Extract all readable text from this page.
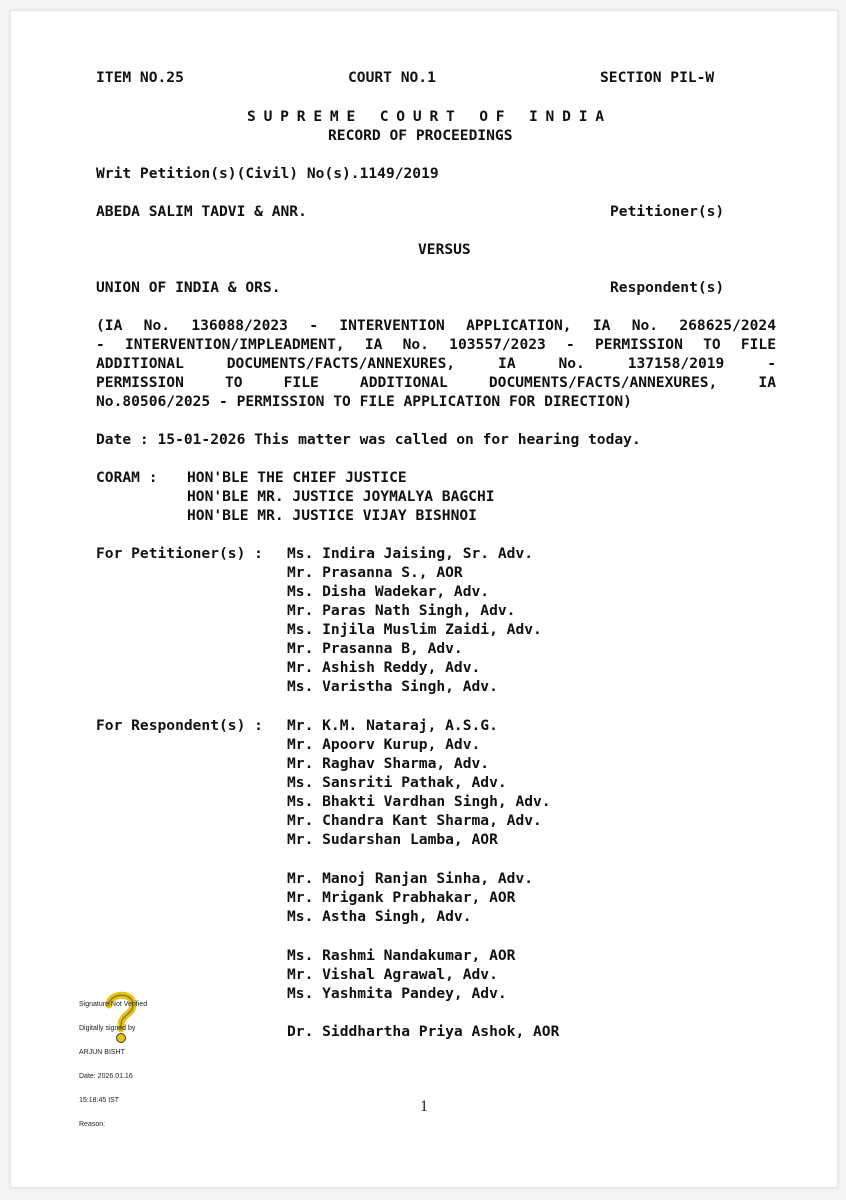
ITEM NO.25	COURT NO.1	SECTION PIL-W
SUPREME COURT OF INDIA
RECORD OF PROCEEDINGS
Writ Petition(s)(Civil) No(s).1149/2019
ABEDA SALIM TADVI & ANR.	Petitioner(s)
VERSUS
UNION OF INDIA & ORS.	Respondent(s)
(IA No. 136088/2023 - INTERVENTION APPLICATION, IA No. 268625/2024
- INTERVENTION/IMPLEADMENT, IA No. 103557/2023 - PERMISSION TO FILE
ADDITIONAL DOCUMENTS/FACTS/ANNEXURES, IA No. 137158/2019 -
PERMISSION TO FILE ADDITIONAL DOCUMENTS/FACTS/ANNEXURES, IA
No.80506/2025 - PERMISSION TO FILE APPLICATION FOR DIRECTION)
Date : 15-01-2026 This matter was called on for hearing today.
CORAM : HON'BLE THE CHIEF JUSTICE
HON'BLE MR. JUSTICE JOYMALYA BAGCHI
HON'BLE MR. JUSTICE VIJAY BISHNOI
For Petitioner(s) : Ms. Indira Jaising, Sr. Adv.
Mr. Prasanna S., AOR
Ms. Disha Wadekar, Adv.
Mr. Paras Nath Singh, Adv.
Ms. Injila Muslim Zaidi, Adv.
Mr. Prasanna B, Adv.
Mr. Ashish Reddy, Adv.
Ms. Varistha Singh, Adv.
For Respondent(s) : Mr. K.M. Nataraj, A.S.G.
Mr. Apoorv Kurup, Adv.
Mr. Raghav Sharma, Adv.
Ms. Sansriti Pathak, Adv.
Ms. Bhakti Vardhan Singh, Adv.
Mr. Chandra Kant Sharma, Adv.
Mr. Sudarshan Lamba, AOR
Mr. Manoj Ranjan Sinha, Adv.
Mr. Mrigank Prabhakar, AOR
Ms. Astha Singh, Adv.
Ms. Rashmi Nandakumar, AOR
Mr. Vishal Agrawal, Adv.
Ms. Yashmita Pandey, Adv.
Dr. Siddhartha Priya Ashok, AOR

Signature Not Verified

Digitally signed by

ARJUN BISHT

Date: 2026.01.16

15:18:45 IST

Reason:

1
